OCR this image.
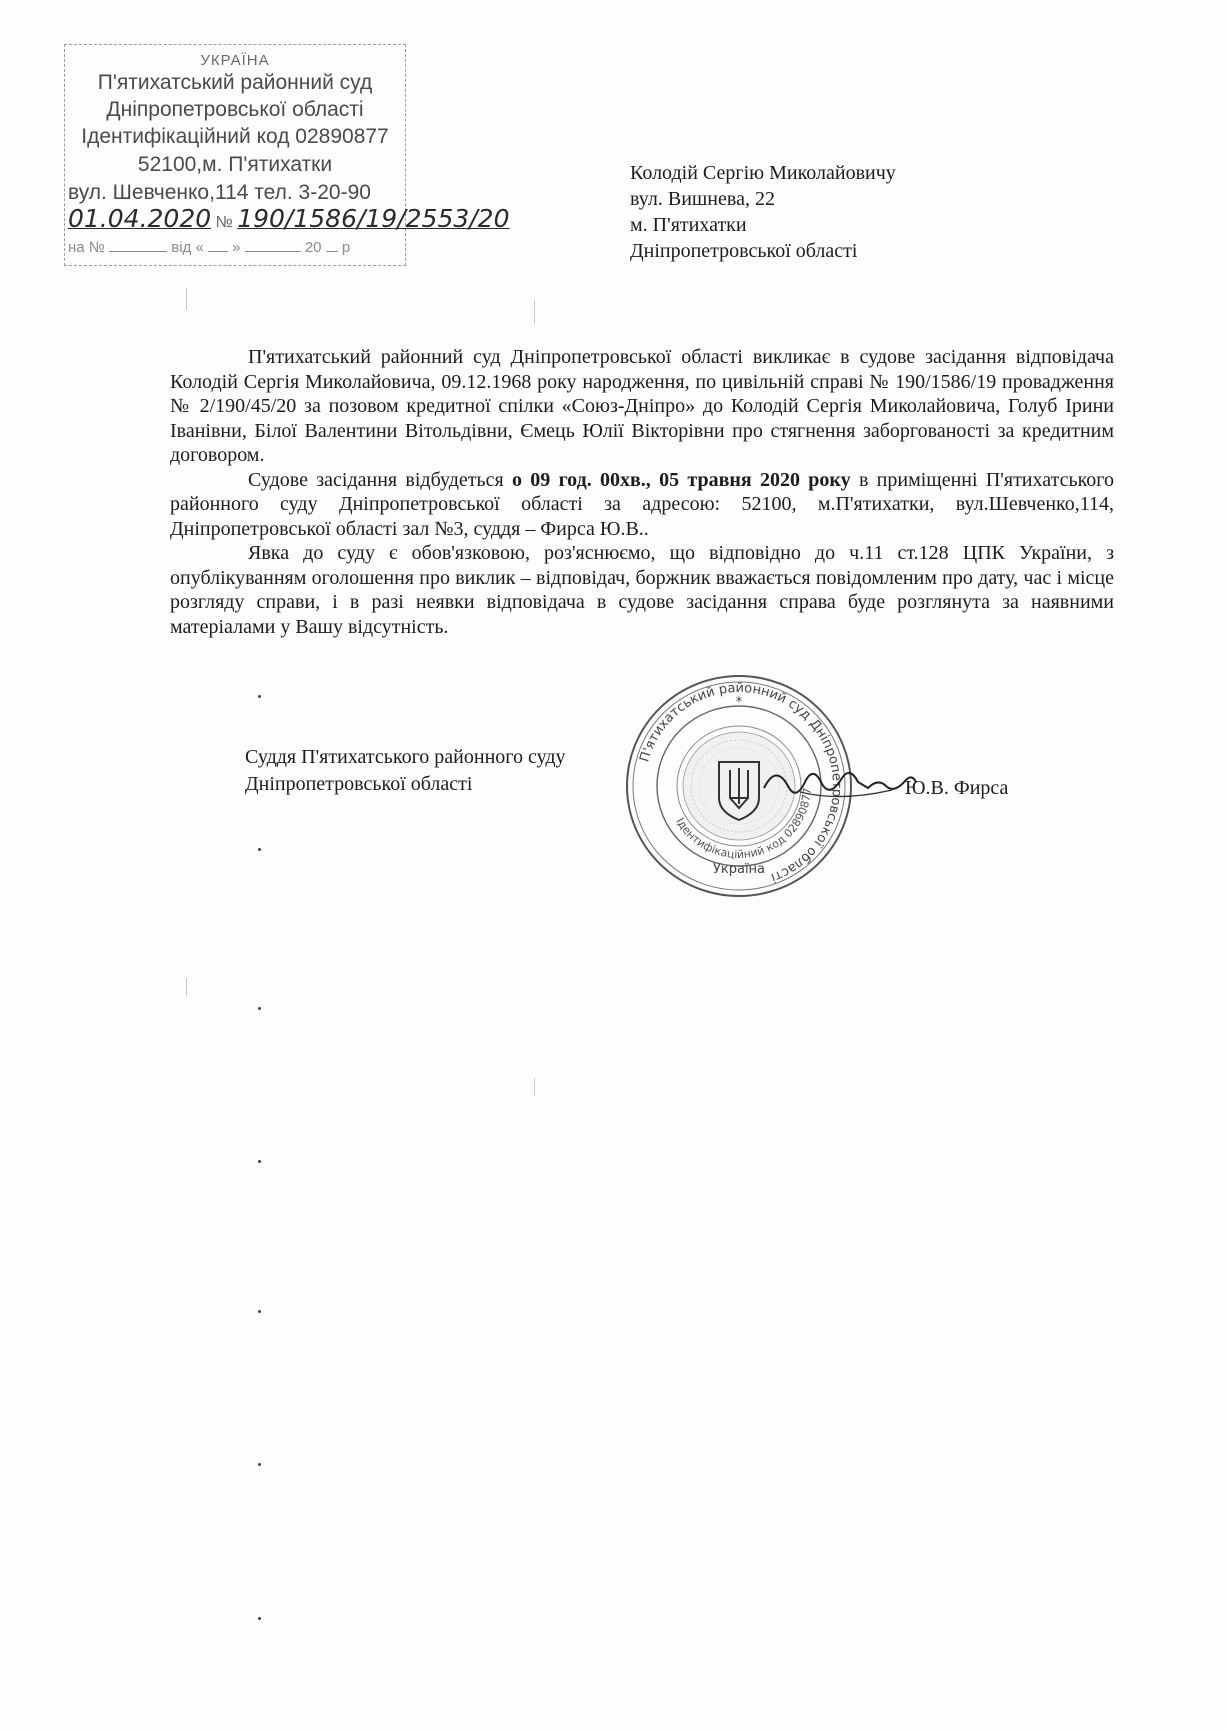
УКРАЇНА
П'ятихатський районний суд
Дніпропетровської області
Ідентифікаційний код 02890877
52100,м. П'ятихатки
вул. Шевченко,114 тел. 3-20-90
01.04.2020 № 190/1586/19/2553/20
на №	від « »	20 р
Колодій Сергію Миколайовичу
вул. Вишнева, 22
м. П'ятихатки
Дніпропетровської області

П'ятихатський районний суд Дніпропетровської області викликає в судове засідання відповідача Колодій Сергія Миколайовича, 09.12.1968 року народження, по цивільній справі № 190/1586/19 провадження № 2/190/45/20 за позовом кредитної спілки «Союз-Дніпро» до Колодій Сергія Миколайовича, Голуб Ірини Іванівни, Білої Валентини Вітольдівни, Ємець Юлії Вікторівни про стягнення заборгованості за кредитним договором.

Судове засідання відбудеться о 09 год. 00хв., 05 травня 2020 року в приміщенні П'ятихатського районного суду Дніпропетровської області за адресою: 52100, м.П'ятихатки, вул.Шевченко,114, Дніпропетровської області зал №3, суддя – Фирса Ю.В..

Явка до суду є обов'язковою, роз'яснюємо, що відповідно до ч.11 ст.128 ЦПК України, з опублікуванням оголошення про виклик – відповідач, боржник вважається повідомленим про дату, час і місце розгляду справи, і в разі неявки відповідача в судове засідання справа буде розглянута за наявними матеріалами у Вашу відсутність.

П'ятихатський районний суд Дніпропетровської області
Ідентифікаційний код 02890877
Україна
*
Суддя П'ятихатського районного суду
Дніпропетровської області	Ю.В. Фирса
